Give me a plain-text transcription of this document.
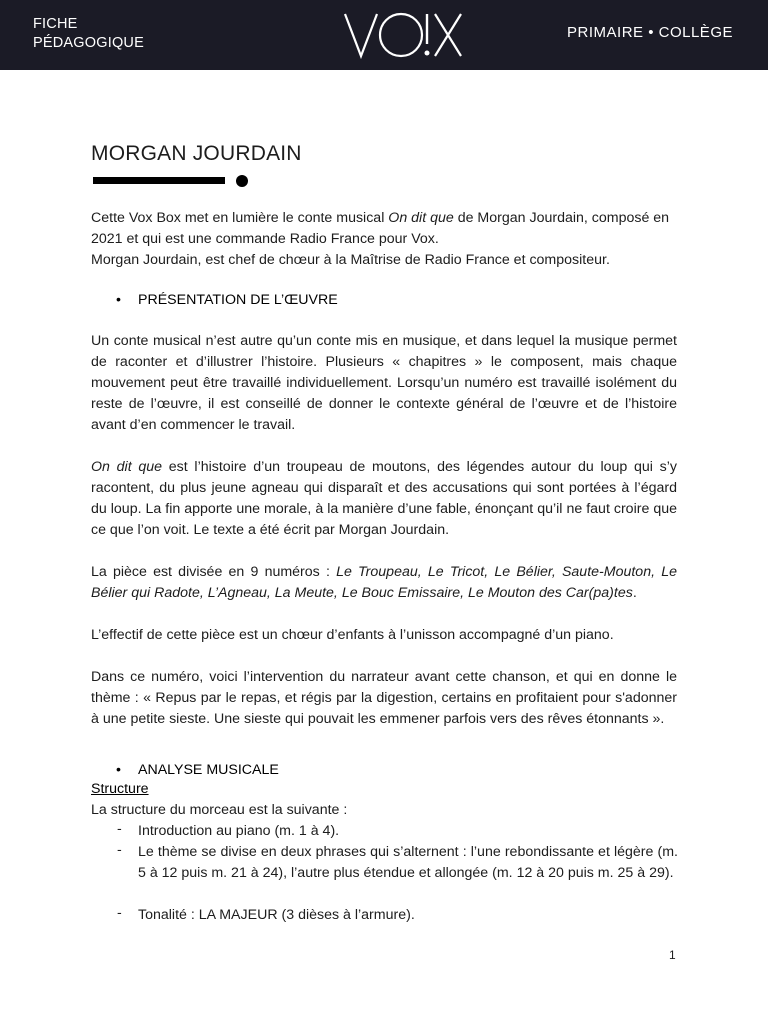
FICHE
PÉDAGOGIQUE
PRIMAIRE • COLLÈGE
MORGAN JOURDAIN
Cette Vox Box met en lumière le conte musical On dit que de Morgan Jourdain, composé en 2021 et qui est une commande Radio France pour Vox.
Morgan Jourdain, est chef de chœur à la Maîtrise de Radio France et compositeur.
• PRÉSENTATION DE L’ŒUVRE
Un conte musical n’est autre qu’un conte mis en musique, et dans lequel la musique permet de raconter et d’illustrer l’histoire. Plusieurs « chapitres » le composent, mais chaque mouvement peut être travaillé individuellement. Lorsqu’un numéro est travaillé isolément du reste de l’œuvre, il est conseillé de donner le contexte général de l’œuvre et de l’histoire avant d’en commencer le travail.
On dit que est l’histoire d’un troupeau de moutons, des légendes autour du loup qui s’y racontent, du plus jeune agneau qui disparaît et des accusations qui sont portées à l’égard du loup. La fin apporte une morale, à la manière d’une fable, énonçant qu’il ne faut croire que ce que l’on voit. Le texte a été écrit par Morgan Jourdain.
La pièce est divisée en 9 numéros : Le Troupeau, Le Tricot, Le Bélier, Saute-Mouton, Le Bélier qui Radote, L’Agneau, La Meute, Le Bouc Emissaire, Le Mouton des Car(pa)tes.
L’effectif de cette pièce est un chœur d’enfants à l’unisson accompagné d’un piano.
Dans ce numéro, voici l’intervention du narrateur avant cette chanson, et qui en donne le thème : « Repus par le repas, et régis par la digestion, certains en profitaient pour s'adonner à une petite sieste. Une sieste qui pouvait les emmener parfois vers des rêves étonnants ».
• ANALYSE MUSICALE
Structure
La structure du morceau est la suivante :
- Introduction au piano (m. 1 à 4).
- Le thème se divise en deux phrases qui s’alternent : l’une rebondissante et légère (m. 5 à 12 puis m. 21 à 24), l’autre plus étendue et allongée (m. 12 à 20 puis m. 25 à 29).
- Tonalité : LA MAJEUR (3 dièses à l’armure).
1
